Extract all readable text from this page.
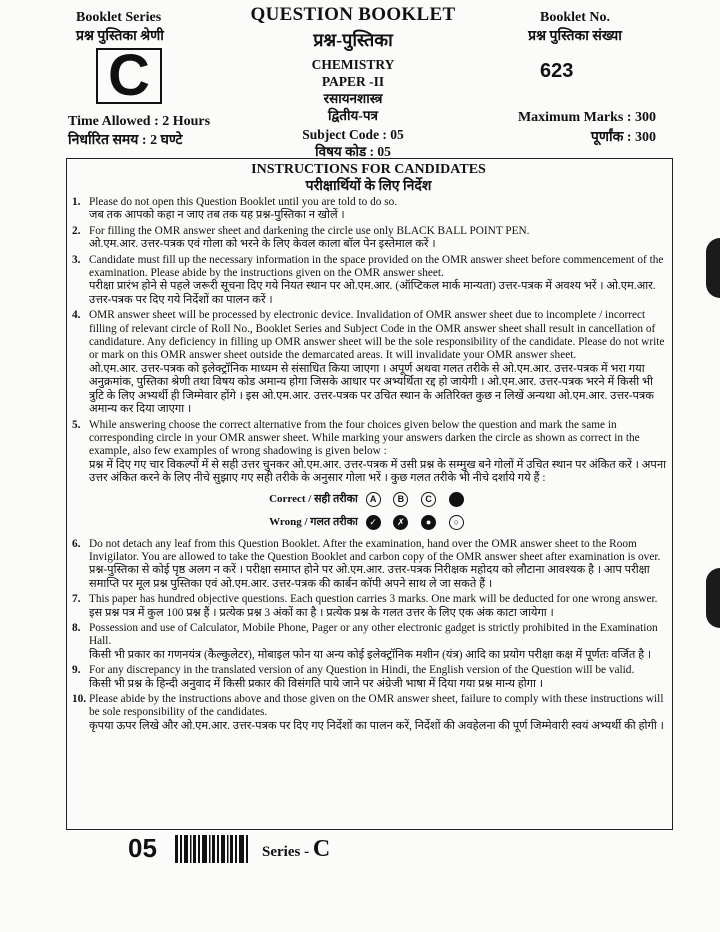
Booklet Series
प्रश्न पुस्तिका श्रेणी
C
Time Allowed : 2 Hours
निर्धारित समय : 2 घण्टे
QUESTION BOOKLET
प्रश्न-पुस्तिका
CHEMISTRY
PAPER -II
रसायनशास्त्र
द्वितीय-पत्र
Subject Code : 05
विषय कोड : 05
Booklet No.
प्रश्न पुस्तिका संख्या
623
Maximum Marks : 300
पूर्णांक : 300
INSTRUCTIONS FOR CANDIDATES
परीक्षार्थियों के लिए निर्देश
1. Please do not open this Question Booklet until you are told to do so.
जब तक आपको कहा न जाए तब तक यह प्रश्न-पुस्तिका न खोलें ।
2. For filling the OMR answer sheet and darkening the circle use only BLACK BALL POINT PEN.
ओ.एम.आर. उत्तर-पत्रक एवं गोला को भरने के लिए केवल काला बॉल पेन इस्तेमाल करें ।
3. Candidate must fill up the necessary information in the space provided on the OMR answer sheet before commencement of the examination. Please abide by the instructions given on the OMR answer sheet.
परीक्षा प्रारंभ होने से पहले जरूरी सूचना दिए गये नियत स्थान पर ओ.एम.आर. (ऑप्टिकल मार्क मान्यता) उत्तर-पत्रक में अवश्य भरें । ओ.एम.आर. उत्तर-पत्रक पर दिए गये निर्देशों का पालन करें ।
4. OMR answer sheet will be processed by electronic device. Invalidation of OMR answer sheet due to incomplete / incorrect filling of relevant circle of Roll No., Booklet Series and Subject Code in the OMR answer sheet shall result in cancellation of candidature. Any deficiency in filling up OMR answer sheet will be the sole responsibility of the candidate. Please do not write or mark on this OMR answer sheet outside the demarcated areas. It will invalidate your OMR answer sheet.
ओ.एम.आर. उत्तर-पत्रक को इलेक्ट्रॉनिक माध्यम से संसाधित किया जाएगा । अपूर्ण अथवा गलत तरीके से ओ.एम.आर. उत्तर-पत्रक में भरा गया अनुक्रमांक, पुस्तिका श्रेणी तथा विषय कोड अमान्य होगा जिसके आधार पर अभ्यर्थिता रद्द हो जायेगी । ओ.एम.आर. उत्तर-पत्रक भरने में किसी भी त्रुटि के लिए अभ्यर्थी ही जिम्मेवार होंगे । इस ओ.एम.आर. उत्तर-पत्रक पर उचित स्थान के अतिरिक्त कुछ न लिखें अन्यथा ओ.एम.आर. उत्तर-पत्रक अमान्य कर दिया जाएगा ।
5. While answering choose the correct alternative from the four choices given below the question and mark the same in corresponding circle in your OMR answer sheet. While marking your answers darken the circle as shown as correct in the example, also few examples of wrong shadowing is given below :
प्रश्न में दिए गए चार विकल्पों में से सही उत्तर चुनकर ओ.एम.आर. उत्तर-पत्रक में उसी प्रश्न के सम्मुख बने गोलों में उचित स्थान पर अंकित करें । अपना उत्तर अंकित करने के लिए नीचे सुझाए गए सही तरीके के अनुसार गोला भरें । कुछ गलत तरीके भी नीचे दर्शाये गये हैं :
Correct / सही तरीका A B C
Wrong / गलत तरीका ✓ ✗ ● ○
6. Do not detach any leaf from this Question Booklet. After the examination, hand over the OMR answer sheet to the Room Invigilator. You are allowed to take the Question Booklet and carbon copy of the OMR answer sheet after examination is over.
प्रश्न-पुस्तिका से कोई पृष्ठ अलग न करें । परीक्षा समाप्त होने पर ओ.एम.आर. उत्तर-पत्रक निरीक्षक महोदय को लौटाना आवश्यक है । आप परीक्षा समाप्ति पर मूल प्रश्न पुस्तिका एवं ओ.एम.आर. उत्तर-पत्रक की कार्बन कॉपी अपने साथ ले जा सकते हैं ।
7. This paper has hundred objective questions. Each question carries 3 marks. One mark will be deducted for one wrong answer.
इस प्रश्न पत्र में कुल 100 प्रश्न हैं । प्रत्येक प्रश्न 3 अंकों का है । प्रत्येक प्रश्न के गलत उत्तर के लिए एक अंक काटा जायेगा ।
8. Possession and use of Calculator, Mobile Phone, Pager or any other electronic gadget is strictly prohibited in the Examination Hall.
किसी भी प्रकार का गणनयंत्र (कैल्कुलेटर), मोबाइल फोन या अन्य कोई इलेक्ट्रॉनिक मशीन (यंत्र) आदि का प्रयोग परीक्षा कक्ष में पूर्णतः वर्जित है ।
9. For any discrepancy in the translated version of any Question in Hindi, the English version of the Question will be valid.
किसी भी प्रश्न के हिन्दी अनुवाद में किसी प्रकार की विसंगति पाये जाने पर अंग्रेजी भाषा में दिया गया प्रश्न मान्य होगा ।
10. Please abide by the instructions above and those given on the OMR answer sheet, failure to comply with these instructions will be sole responsibility of the candidates.
कृपया ऊपर लिखे और ओ.एम.आर. उत्तर-पत्रक पर दिए गए निर्देशों का पालन करें, निर्देशों की अवहेलना की पूर्ण जिम्मेवारी स्वयं अभ्यर्थी की होगी ।
05	Series - C
